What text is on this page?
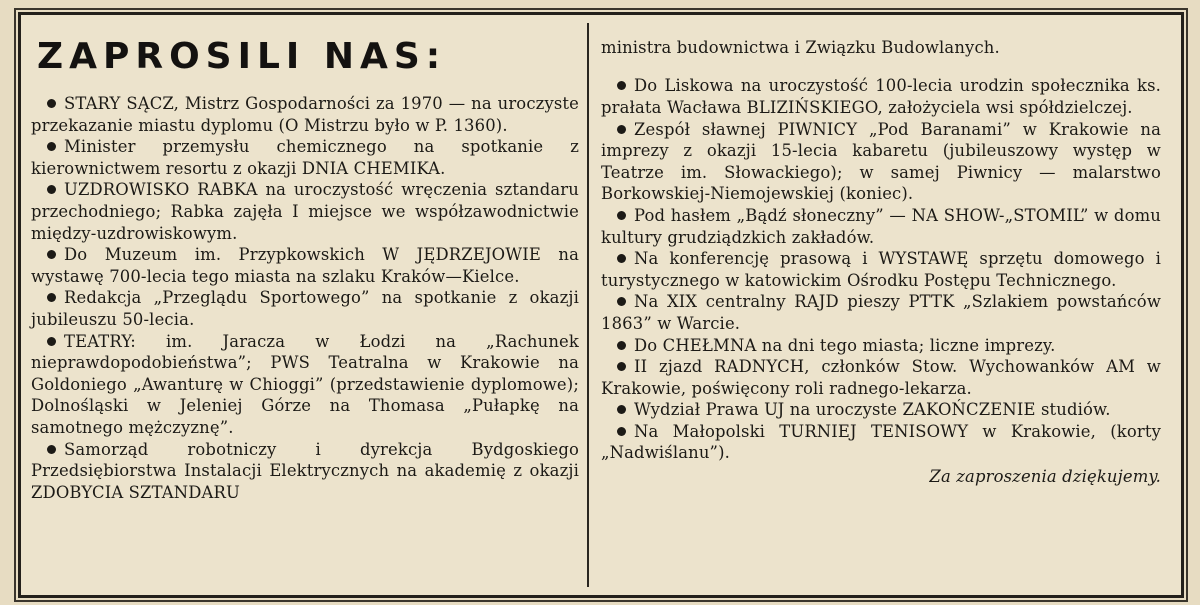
ZAPROSILI NAS:

STARY SĄCZ, Mistrz Gospodarności za 1970 — na uroczyste przekazanie miastu dyplomu (O Mistrzu było w P. 1360).

Minister przemysłu chemicznego na spotkanie z kierownictwem resortu z okazji DNIA CHEMIKA.

UZDROWISKO RABKA na uroczystość wręczenia sztandaru przechodniego; Rabka zajęła I miejsce we współzawodnictwie między-uzdrowiskowym.

Do Muzeum im. Przypkowskich W JĘDRZEJOWIE na wystawę 700-lecia tego miasta na szlaku Kraków—Kielce.

Redakcja „Przeglądu Sportowego” na spotkanie z okazji jubileuszu 50-lecia.

TEATRY: im. Jaracza w Łodzi na „Rachunek nieprawdopodobieństwa”; PWS Teatralna w Krakowie na Goldoniego „Awanturę w Chioggi” (przedstawienie dyplomowe); Dolnośląski w Jeleniej Górze na Thomasa „Pułapkę na samotnego mężczyznę”.

Samorząd robotniczy i dyrekcja Bydgoskiego Przedsiębiorstwa Instalacji Elektrycznych na akademię z okazji ZDOBYCIA SZTANDARU

ministra budownictwa i Związku Budowlanych.

Do Liskowa na uroczystość 100-lecia urodzin społecznika ks. prałata Wacława BLIZIŃSKIEGO, założyciela wsi spółdzielczej.

Zespół sławnej PIWNICY „Pod Baranami” w Krakowie na imprezy z okazji 15-lecia kabaretu (jubileuszowy występ w Teatrze im. Słowackiego); w samej Piwnicy — malarstwo Borkowskiej-Niemojewskiej (koniec).

Pod hasłem „Bądź słoneczny” — NA SHOW-„STOMIL” w domu kultury grudziądzkich zakładów.

Na konferencję prasową i WYSTAWĘ sprzętu domowego i turystycznego w katowickim Ośrodku Postępu Technicznego.

Na XIX centralny RAJD pieszy PTTK „Szlakiem powstańców 1863” w Warcie.

Do CHEŁMNA na dni tego miasta; liczne imprezy.

II zjazd RADNYCH, członków Stow. Wychowanków AM w Krakowie, poświęcony roli radnego-lekarza.

Wydział Prawa UJ na uroczyste ZAKOŃCZENIE studiów.

Na Małopolski TURNIEJ TENISOWY w Krakowie, (korty „Nadwiślanu”).

Za zaproszenia dziękujemy.
